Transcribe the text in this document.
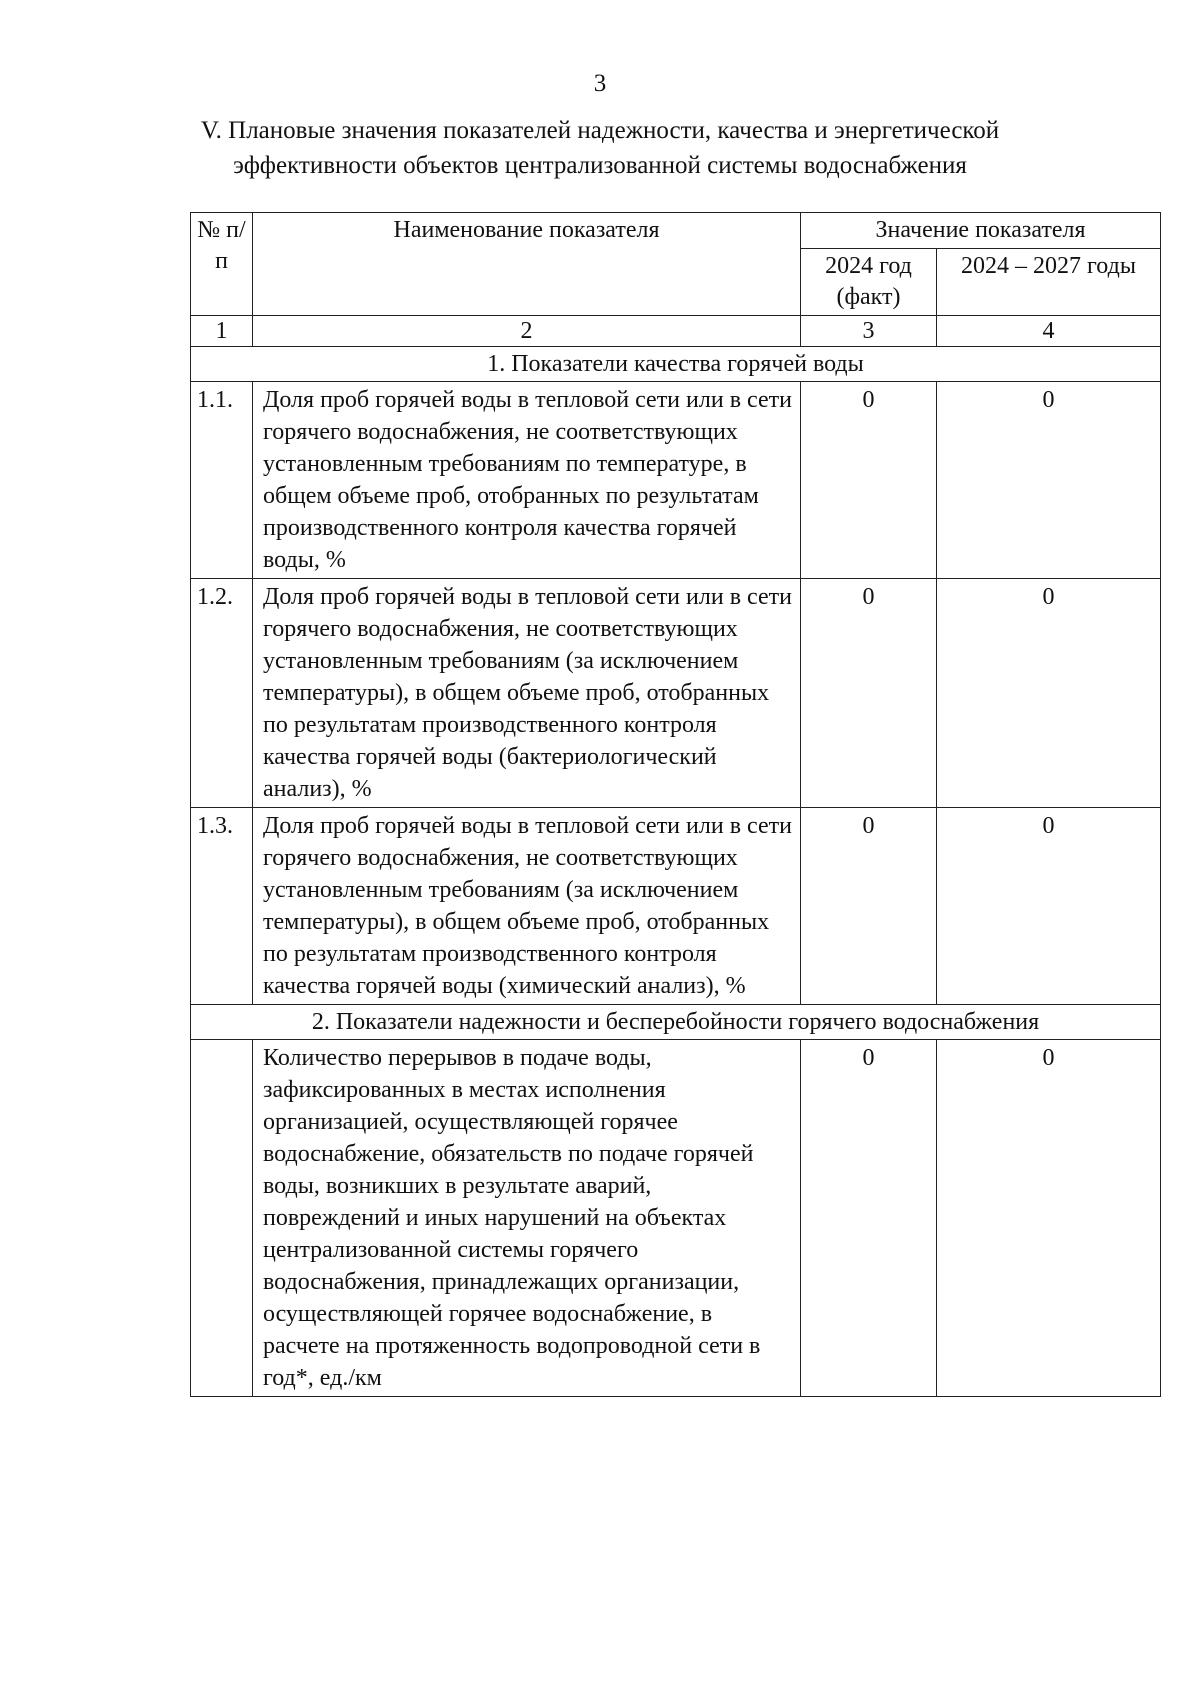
3
V. Плановые значения показателей надежности, качества и энергетической
эффективности объектов централизованной системы водоснабжения
№ п/п	Наименование показателя	Значение показателя	
		2024 год (факт)	2024 – 2027 годы
1	2	3	4
1. Показатели качества горячей воды			
1.1.	Доля проб горячей воды в тепловой сети или в сети горячего водоснабжения, не соответствующих установленным требованиям по температуре, в общем объеме проб, отобранных по результатам производственного контроля качества горячей воды, %	0	0
1.2.	Доля проб горячей воды в тепловой сети или в сети горячего водоснабжения, не соответствующих установленным требованиям (за исключением температуры), в общем объеме проб, отобранных по результатам производственного контроля качества горячей воды (бактериологический анализ), %	0	0
1.3.	Доля проб горячей воды в тепловой сети или в сети горячего водоснабжения, не соответствующих установленным требованиям (за исключением температуры), в общем объеме проб, отобранных по результатам производственного контроля качества горячей воды (химический анализ), %	0	0
2. Показатели надежности и бесперебойности горячего водоснабжения			
	Количество перерывов в подаче воды, зафиксированных в местах исполнения организацией, осуществляющей горячее водоснабжение, обязательств по подаче горячей воды, возникших в результате аварий, повреждений и иных нарушений на объектах централизованной системы горячего водоснабжения, принадлежащих организации, осуществляющей горячее водоснабжение, в расчете на протяженность водопроводной сети в год*, ед./км	0	0
